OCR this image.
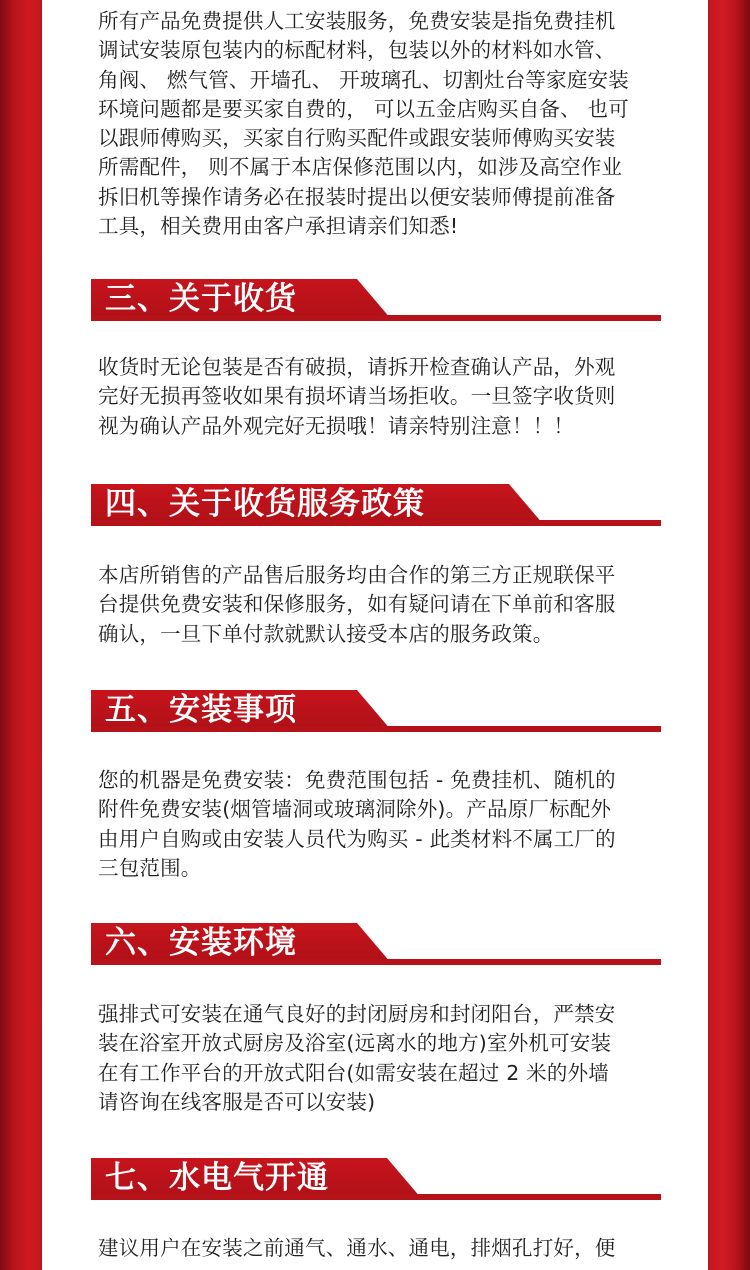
所有产品免费提供人工安装服务，免费安装是指免费挂机
调试安装原包装内的标配材料，包装以外的材料如水管、
角阀、 燃气管、开墙孔、 开玻璃孔、切割灶台等家庭安装
环境问题都是要买家自费的， 可以五金店购买自备、 也可
以跟师傅购买，买家自行购买配件或跟安装师傅购买安装
所需配件， 则不属于本店保修范围以内，如涉及高空作业
拆旧机等操作请务必在报装时提出以便安装师傅提前准备
工具，相关费用由客户承担请亲们知悉!

三、关于收货

收货时无论包装是否有破损，请拆开检查确认产品，外观
完好无损再签收如果有损坏请当场拒收。一旦签字收货则
视为确认产品外观完好无损哦！请亲特别注意！！！

四、关于收货服务政策

本店所销售的产品售后服务均由合作的第三方正规联保平
台提供免费安装和保修服务，如有疑问请在下单前和客服
确认，一旦下单付款就默认接受本店的服务政策。

五、安装事项

您的机器是免费安装：免费范围包括 - 免费挂机、随机的
附件免费安装(烟管墙洞或玻璃洞除外)。产品原厂标配外
由用户自购或由安装人员代为购买 - 此类材料不属工厂的
三包范围。

六、安装环境

强排式可安装在通气良好的封闭厨房和封闭阳台，严禁安
装在浴室开放式厨房及浴室(远离水的地方)室外机可安装
在有工作平台的开放式阳台(如需安装在超过 2 米的外墙
请咨询在线客服是否可以安装)

七、水电气开通

建议用户在安装之前通气、通水、通电，排烟孔打好，便
